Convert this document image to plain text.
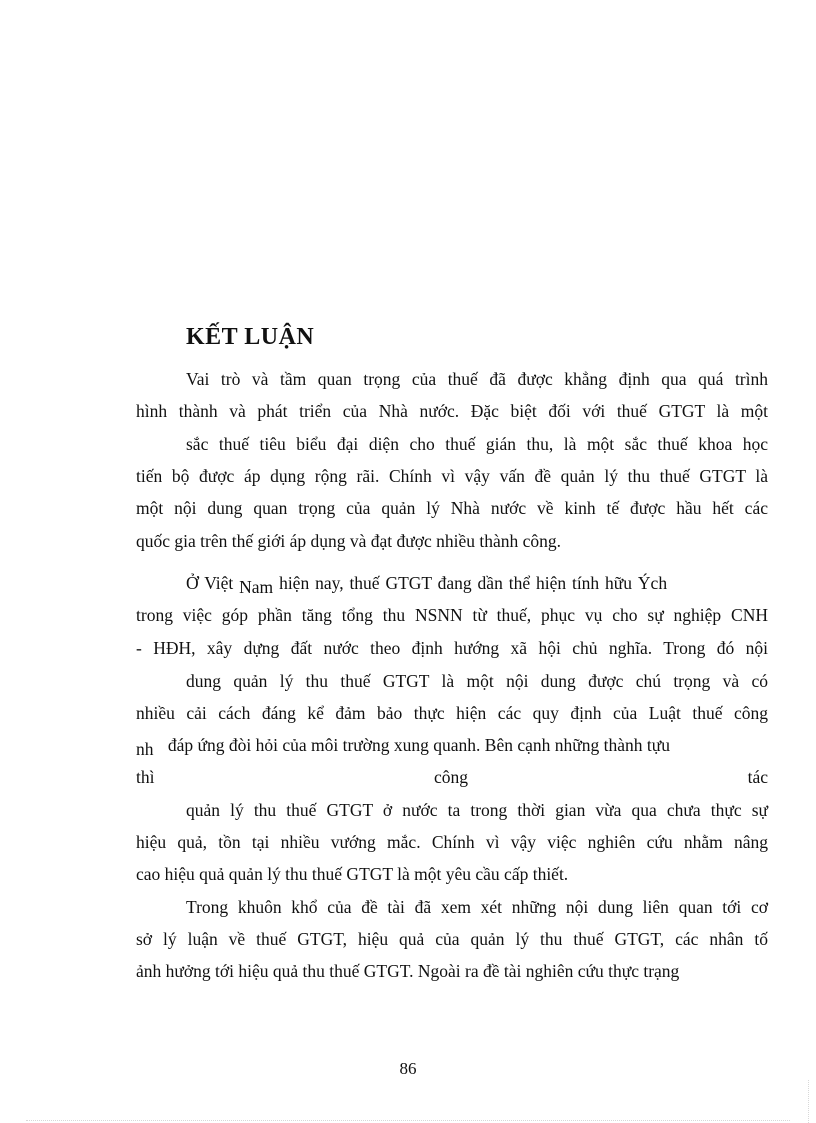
KẾT LUẬN

Vai trò và tầm quan trọng của thuế đã được khẳng định qua quá trình

hình thành và phát triển của Nhà nước. Đặc biệt đối với thuế GTGT là một

sắc thuế tiêu biểu đại diện cho thuế gián thu, là một sắc thuế khoa học

tiến bộ được áp dụng rộng rãi. Chính vì vậy vấn đề quản lý thu thuế GTGT là

một nội dung quan trọng của quản lý Nhà nước về kinh tế được hầu hết các

quốc gia trên thế giới áp dụng và đạt được nhiều thành công.

Ở Việt Nam hiện nay, thuế GTGT đang dần thể hiện tính hữu Ých

trong việc góp phần tăng tổng thu NSNN từ thuế, phục vụ cho sự nghiệp CNH

- HĐH, xây dựng đất nước theo định hướng xã hội chủ nghĩa. Trong đó nội

dung quản lý thu thuế GTGT là một nội dung được chú trọng và có

nhiều cải cách đáng kể đảm bảo thực hiện các quy định của Luật thuế công

nh đáp ứng đòi hỏi của môi trường xung quanh. Bên cạnh những thành tựu

thì	công	tác

quản lý thu thuế GTGT ở nước ta trong thời gian vừa qua chưa thực sự

hiệu quả, tồn tại nhiều vướng mắc. Chính vì vậy việc nghiên cứu nhằm nâng

cao hiệu quả quản lý thu thuế GTGT là một yêu cầu cấp thiết.

Trong khuôn khổ của đề tài đã xem xét những nội dung liên quan tới cơ

sở lý luận về thuế GTGT, hiệu quả của quản lý thu thuế GTGT, các nhân tố

ảnh hưởng tới hiệu quả thu thuế GTGT. Ngoài ra đề tài nghiên cứu thực trạng

86
